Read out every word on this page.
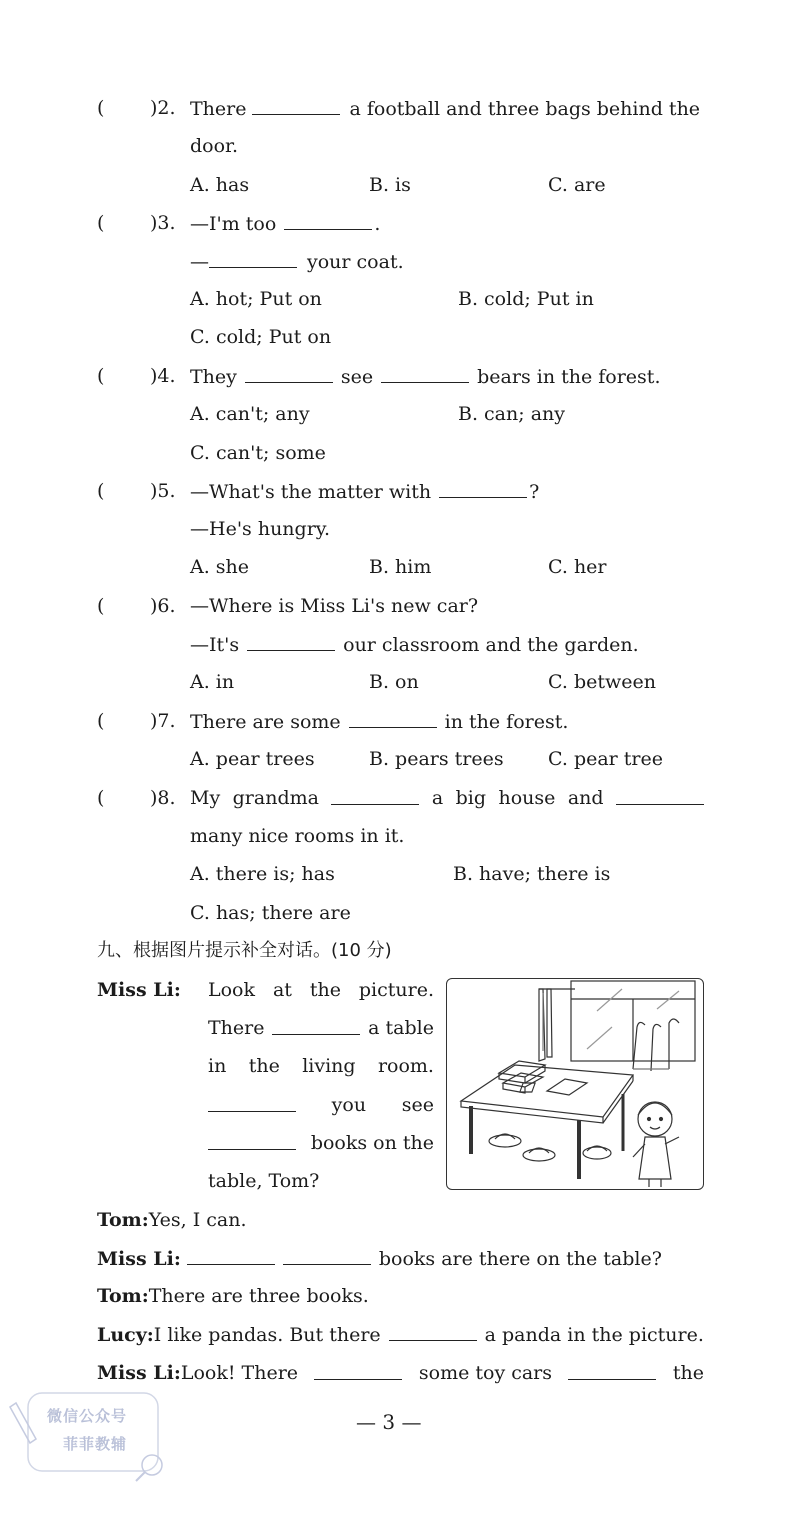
( )2. There	a football and three bags behind the
door.
A. has	B. is	C. are
( )3. —I'm too	.
—	your coat.
A. hot; Put on	B. cold; Put in
C. cold; Put on
( )4. They	see	bears in the forest.
A. can't; any	B. can; any
C. can't; some
( )5. —What's the matter with	?
—He's hungry.
A. she	B. him	C. her
( )6. —Where is Miss Li's new car?
—It's	our classroom and the garden.
A. in	B. on	C. between
( )7. There are some	in the forest.
A. pear trees	B. pears trees C. pear tree
( )8. My grandma	a big house and
many nice rooms in it.
A. there is; has	B. have; there is
C. has; there are
九、根据图片提示补全对话。(10 分)
Miss Li: Look at the picture.
There	a table
in the living room.
you see
books on the
table, Tom?
Tom:Yes, I can.
Miss Li:	books are there on the table?
Tom:There are three books.
Lucy:I like pandas. But there	a panda in the picture.
Miss Li:Look! There	some toy cars	the
— 3 —
微信公众号
菲菲教辅
